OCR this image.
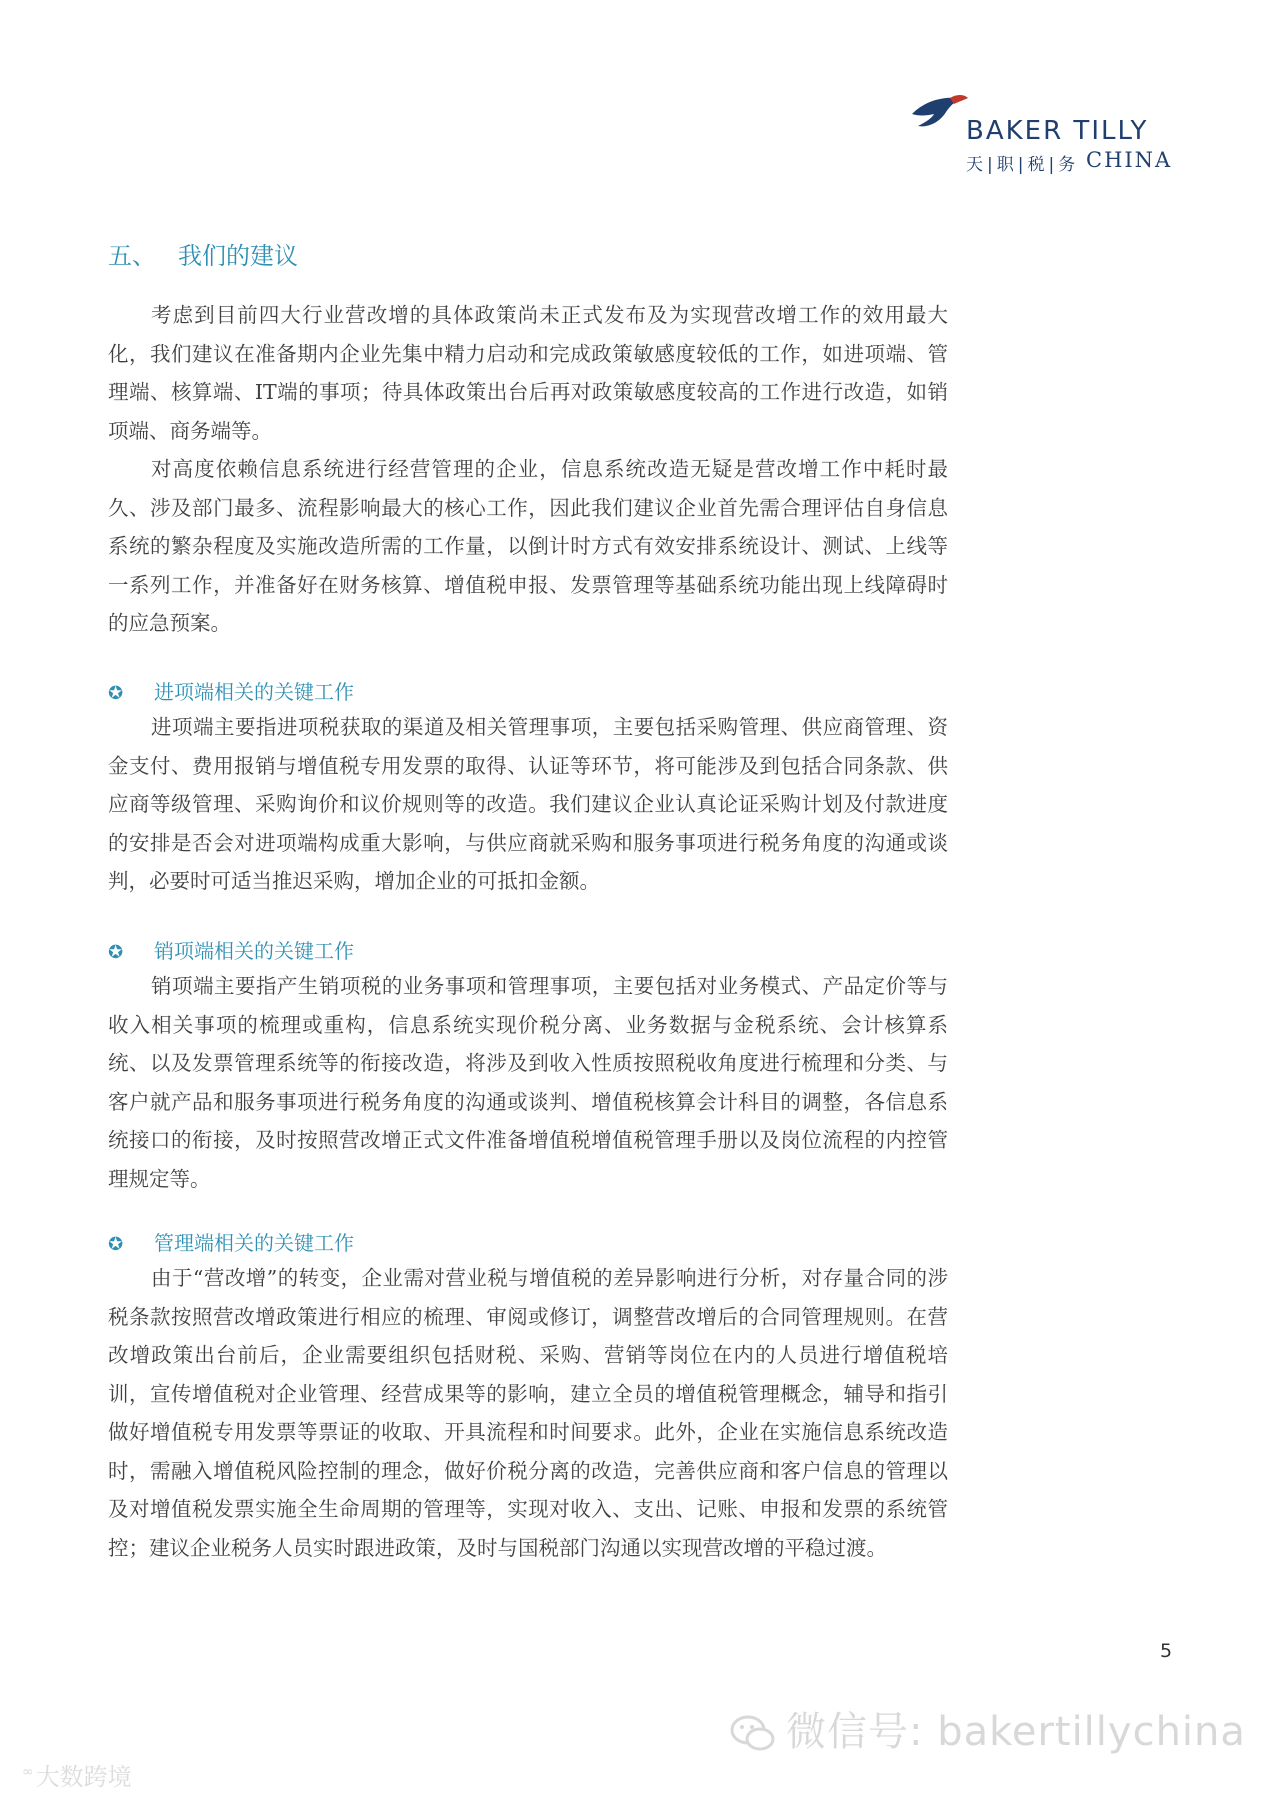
BAKER TILLY
天|职|税|务 CHINA
五、 我们的建议

考虑到目前四大行业营改增的具体政策尚未正式发布及为实现营改增工作的效用最大化，我们建议在准备期内企业先集中精力启动和完成政策敏感度较低的工作，如进项端、管理端、核算端、IT端的事项；待具体政策出台后再对政策敏感度较高的工作进行改造，如销项端、商务端等。

对高度依赖信息系统进行经营管理的企业，信息系统改造无疑是营改增工作中耗时最久、涉及部门最多、流程影响最大的核心工作，因此我们建议企业首先需合理评估自身信息系统的繁杂程度及实施改造所需的工作量，以倒计时方式有效安排系统设计、测试、上线等一系列工作，并准备好在财务核算、增值税申报、发票管理等基础系统功能出现上线障碍时的应急预案。

✪ 进项端相关的关键工作

进项端主要指进项税获取的渠道及相关管理事项，主要包括采购管理、供应商管理、资金支付、费用报销与增值税专用发票的取得、认证等环节，将可能涉及到包括合同条款、供应商等级管理、采购询价和议价规则等的改造。我们建议企业认真论证采购计划及付款进度的安排是否会对进项端构成重大影响，与供应商就采购和服务事项进行税务角度的沟通或谈判，必要时可适当推迟采购，增加企业的可抵扣金额。

✪ 销项端相关的关键工作

销项端主要指产生销项税的业务事项和管理事项，主要包括对业务模式、产品定价等与收入相关事项的梳理或重构，信息系统实现价税分离、业务数据与金税系统、会计核算系统、以及发票管理系统等的衔接改造，将涉及到收入性质按照税收角度进行梳理和分类、与客户就产品和服务事项进行税务角度的沟通或谈判、增值税核算会计科目的调整，各信息系统接口的衔接，及时按照营改增正式文件准备增值税增值税管理手册以及岗位流程的内控管理规定等。

✪ 管理端相关的关键工作

由于“营改增”的转变，企业需对营业税与增值税的差异影响进行分析，对存量合同的涉税条款按照营改增政策进行相应的梳理、审阅或修订，调整营改增后的合同管理规则。在营改增政策出台前后，企业需要组织包括财税、采购、营销等岗位在内的人员进行增值税培训，宣传增值税对企业管理、经营成果等的影响，建立全员的增值税管理概念，辅导和指引做好增值税专用发票等票证的收取、开具流程和时间要求。此外，企业在实施信息系统改造时，需融入增值税风险控制的理念，做好价税分离的改造，完善供应商和客户信息的管理以及对增值税发票实施全生命周期的管理等，实现对收入、支出、记账、申报和发票的系统管控；建议企业税务人员实时跟进政策，及时与国税部门沟通以实现营改增的平稳过渡。

5
微信号: bakertillychina
∞大数跨境
